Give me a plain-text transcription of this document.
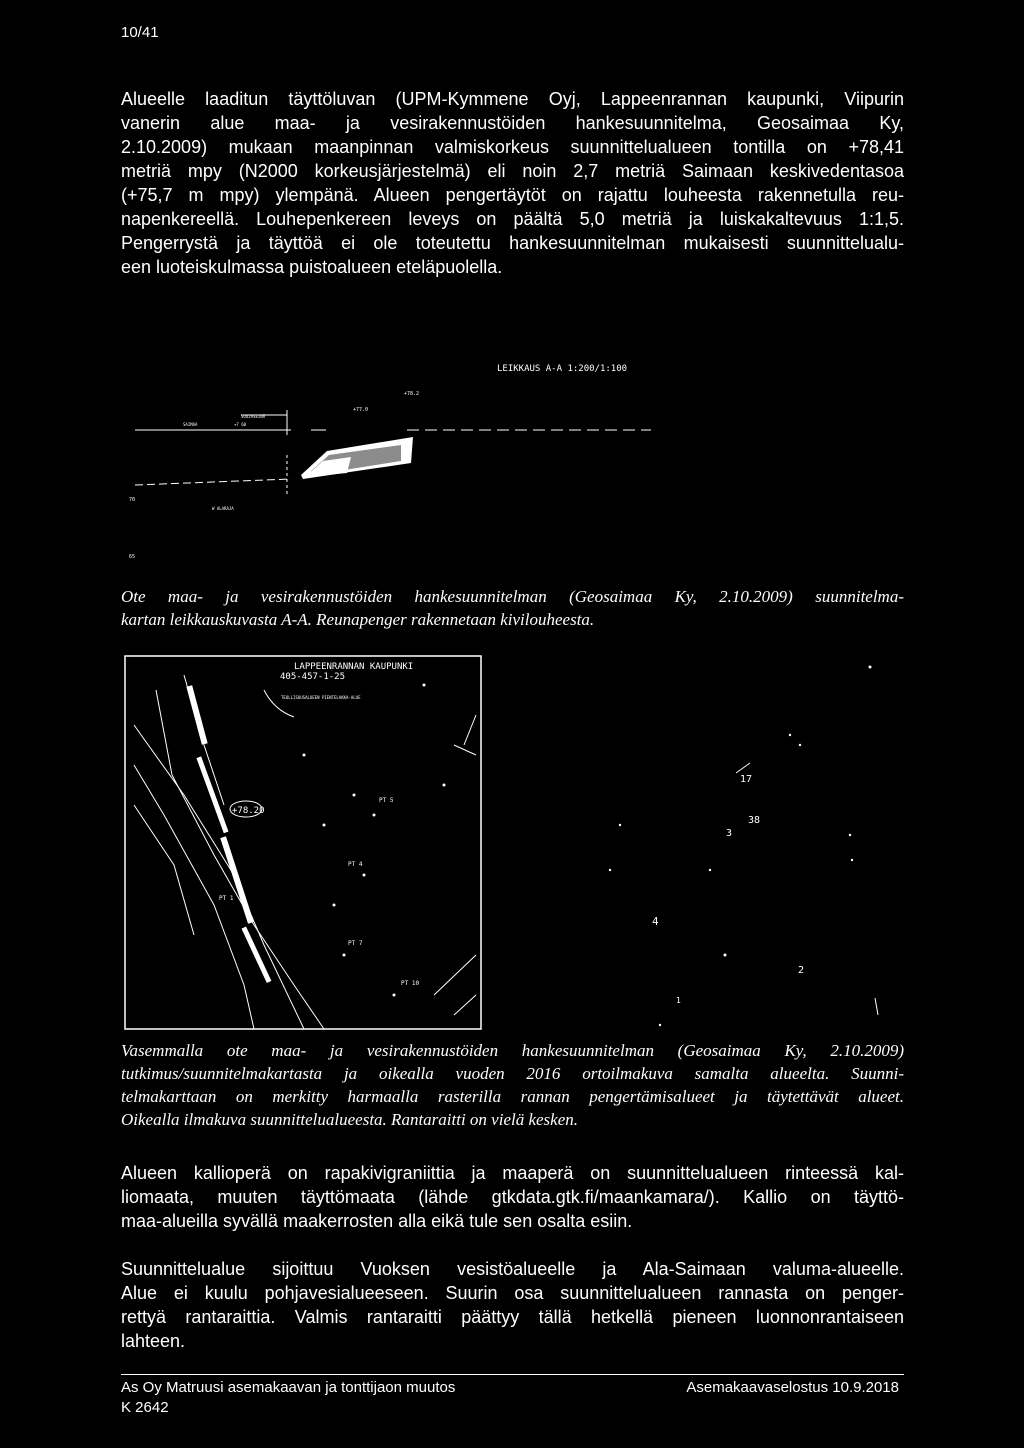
10/41

Alueelle laaditun täyttöluvan (UPM-Kymmene Oyj, Lappeenrannan kaupunki, Viipurin
vanerin alue maa- ja vesirakennustöiden hankesuunnitelma, Geosaimaa Ky,
2.10.2009) mukaan maanpinnan valmiskorkeus suunnittelualueen tontilla on +78,41
metriä mpy (N2000 korkeusjärjestelmä) eli noin 2,7 metriä Saimaan keskivedentasoa
(+75,7 m mpy) ylempänä. Alueen pengertäytöt on rajattu louheesta rakennetulla reu-
napenkereellä. Louhepenkereen leveys on päältä 5,0 metriä ja luiskakaltevuus 1:1,5.
Pengerrystä ja täyttöä ei ole toteutettu hankesuunnitelman mukaisesti suunnittelualu-
een luoteiskulmassa puistoalueen eteläpuolella.

LEIKKAUS A-A 1:200/1:100
+78.2
+77.0
SUOJASEINÄ
SAIMAA	+7 60
70
W ALARAJA
65

Ote maa- ja vesirakennustöiden hankesuunnitelman (Geosaimaa Ky, 2.10.2009) suunnitelma-
kartan leikkauskuvasta A-A. Reunapenger rakennetaan kivilouheesta.

LAPPEENRANNAN KAUPUNKI
405-457-1-25
TEOLLISUUSALUEEN PIENTELAKKA-ALUE
+78.20
PT 5
PT 4
PT 1
PT 7
PT 10
17
38
3
4
2
1

Vasemmalla ote maa- ja vesirakennustöiden hankesuunnitelman (Geosaimaa Ky, 2.10.2009)
tutkimus/suunnitelmakartasta ja oikealla vuoden 2016 ortoilmakuva samalta alueelta. Suunni-
telmakarttaan on merkitty harmaalla rasterilla rannan pengertämisalueet ja täytettävät alueet.
Oikealla ilmakuva suunnittelualueesta. Rantaraitti on vielä kesken.

Alueen kallioperä on rapakivigraniittia ja maaperä on suunnittelualueen rinteessä kal-
liomaata, muuten täyttömaata (lähde gtkdata.gtk.fi/maankamara/). Kallio on täyttö-
maa-alueilla syvällä maakerrosten alla eikä tule sen osalta esiin.

Suunnittelualue sijoittuu Vuoksen vesistöalueelle ja Ala-Saimaan valuma-alueelle.
Alue ei kuulu pohjavesialueeseen. Suurin osa suunnittelualueen rannasta on penger-
rettyä rantaraittia. Valmis rantaraitti päättyy tällä hetkellä pieneen luonnonrantaiseen
lahteen.

As Oy Matruusi asemakaavan ja tonttijaon muutos
K 2642
Asemakaavaselostus 10.9.2018
